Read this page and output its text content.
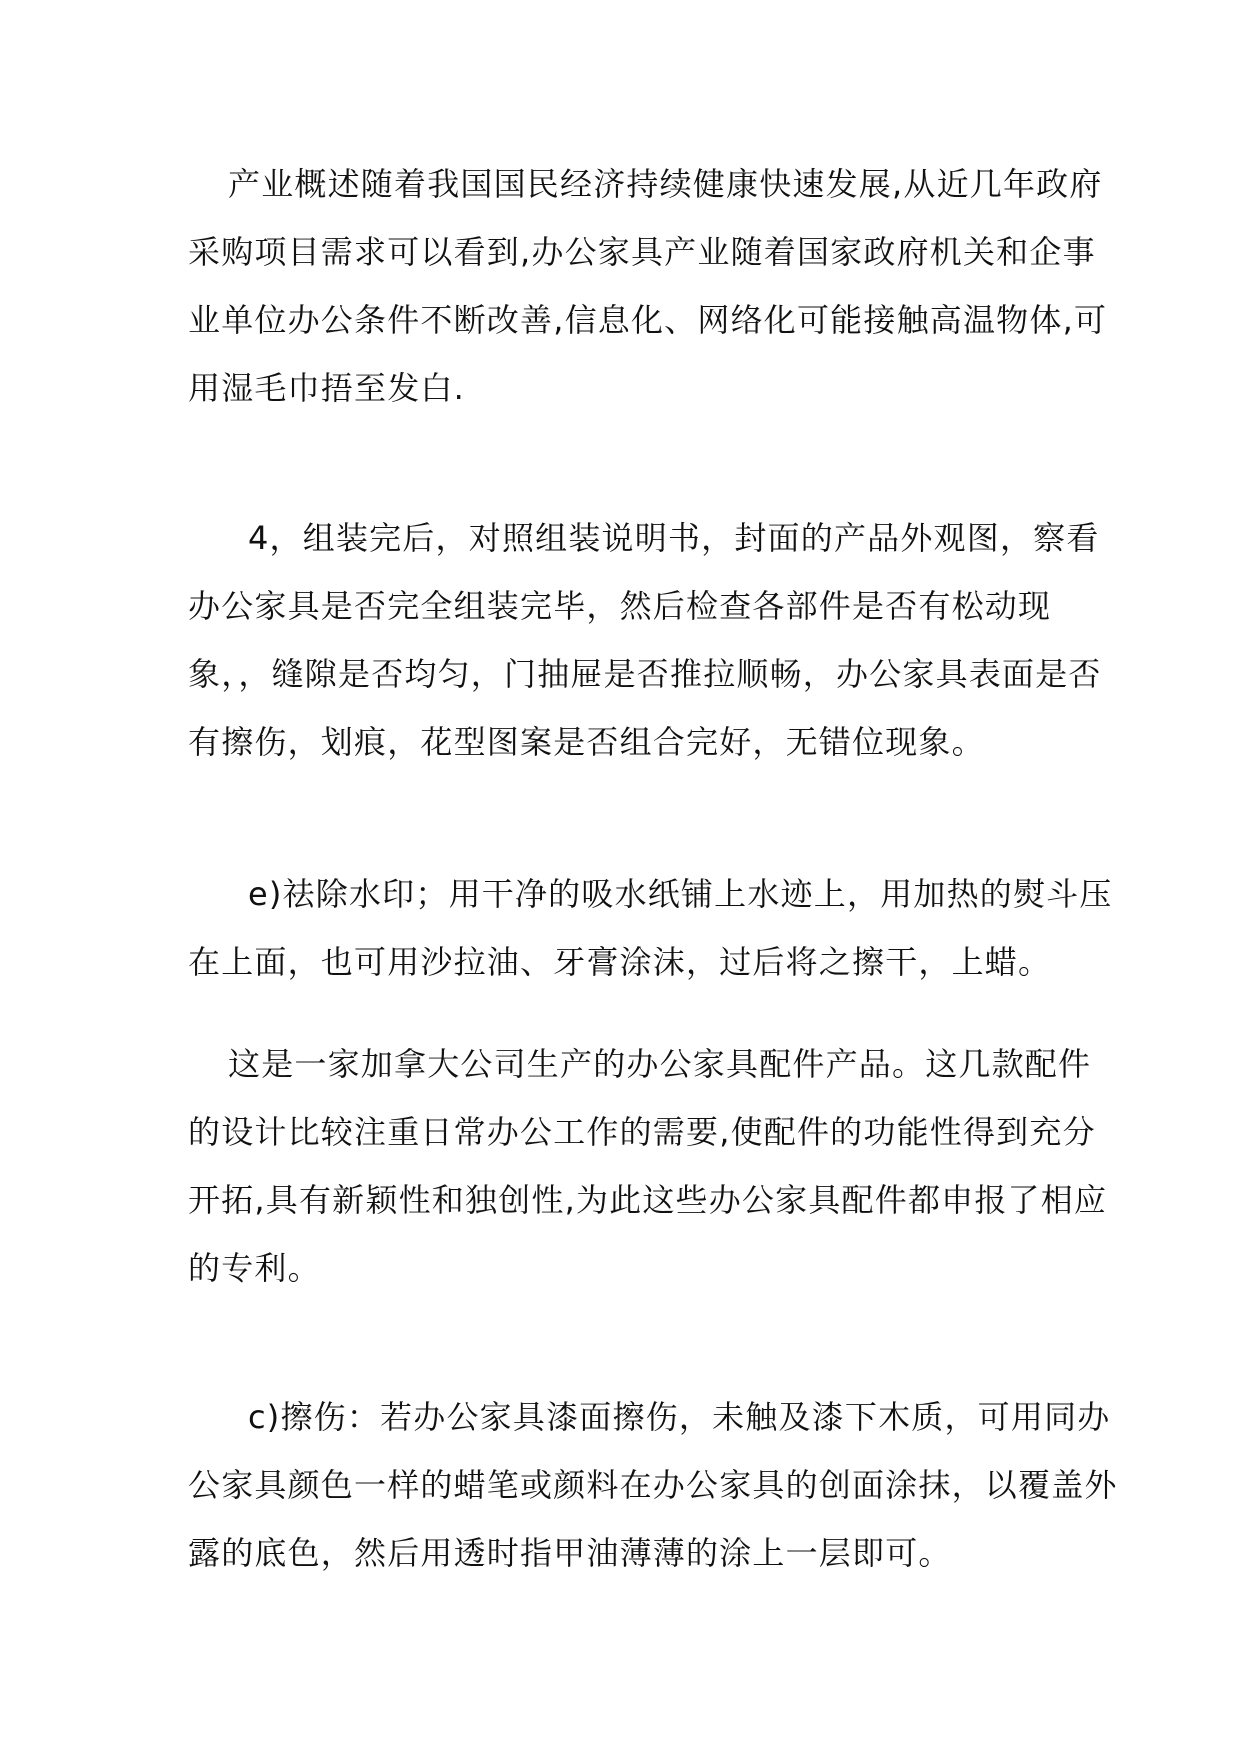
产业概述随着我国国民经济持续健康快速发展,从近几年政府
采购项目需求可以看到,办公家具产业随着国家政府机关和企事
业单位办公条件不断改善,信息化、网络化可能接触高温物体,可
用湿毛巾捂至发白.
4，组装完后，对照组装说明书，封面的产品外观图，察看
办公家具是否完全组装完毕，然后检查各部件是否有松动现
象，，缝隙是否均匀，门抽屉是否推拉顺畅，办公家具表面是否
有擦伤，划痕，花型图案是否组合完好，无错位现象。
e)祛除水印；用干净的吸水纸铺上水迹上，用加热的熨斗压
在上面，也可用沙拉油、牙膏涂沫，过后将之擦干，上蜡。
这是一家加拿大公司生产的办公家具配件产品。这几款配件
的设计比较注重日常办公工作的需要,使配件的功能性得到充分
开拓,具有新颖性和独创性,为此这些办公家具配件都申报了相应
的专利。
c)擦伤：若办公家具漆面擦伤，未触及漆下木质，可用同办
公家具颜色一样的蜡笔或颜料在办公家具的创面涂抹，以覆盖外
露的底色，然后用透时指甲油薄薄的涂上一层即可。
